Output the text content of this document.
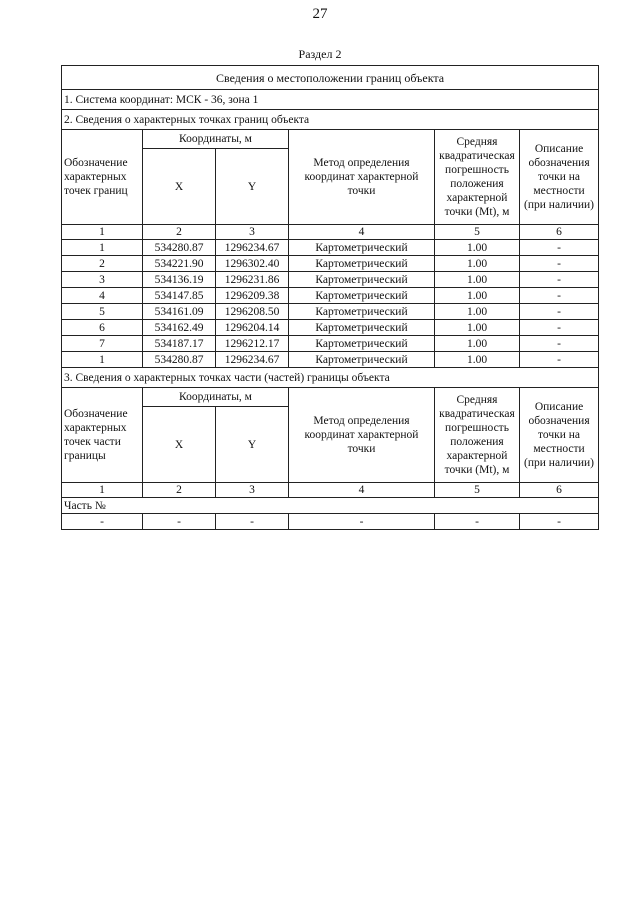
27
Раздел 2
Сведения о местоположении границ объекта					
1. Система координат: МСК - 36, зона 1					
2. Сведения о характерных точках границ объекта					
Обозначение характерных точек границ	Координаты, м		Метод определения координат характерной точки	Средняя квадратическая погрешность положения характерной точки (Mt), м	Описание обозначения точки на местности (при наличии)
	X	Y			
1	2	3	4	5	6
1	534280.87	1296234.67	Картометрический	1.00	-
2	534221.90	1296302.40	Картометрический	1.00	-
3	534136.19	1296231.86	Картометрический	1.00	-
4	534147.85	1296209.38	Картометрический	1.00	-
5	534161.09	1296208.50	Картометрический	1.00	-
6	534162.49	1296204.14	Картометрический	1.00	-
7	534187.17	1296212.17	Картометрический	1.00	-
1	534280.87	1296234.67	Картометрический	1.00	-
3. Сведения о характерных точках части (частей) границы объекта					
Обозначение характерных точек части границы	Координаты, м		Метод определения координат характерной точки	Средняя квадратическая погрешность положения характерной точки (Mt), м	Описание обозначения точки на местности (при наличии)
	X	Y			
1	2	3	4	5	6
Часть №					
-	-	-	-	-	-
